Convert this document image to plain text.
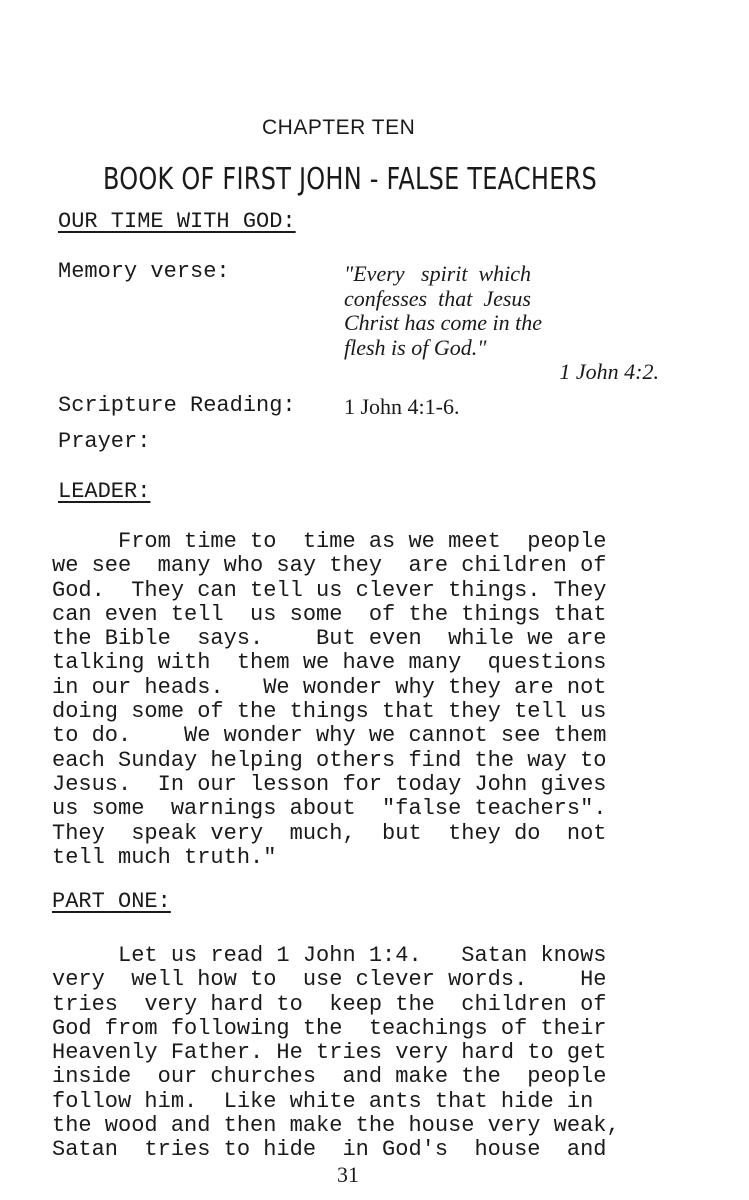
CHAPTER TEN
BOOK OF FIRST JOHN - FALSE TEACHERS
OUR TIME WITH GOD:
Memory verse:	"Every   spirit  which
confesses  that  Jesus
Christ has come in the
flesh is of God."
1 John 4:2.
Scripture Reading: 1 John 4:1-6.
Prayer:
LEADER:
From time to  time as we meet  people
we see  many who say they  are children of
God.  They can tell us clever things. They
can even tell  us some  of the things that
the Bible  says.    But even  while we are
talking with  them we have many  questions
in our heads.   We wonder why they are not
doing some of the things that they tell us
to do.    We wonder why we cannot see them
each Sunday helping others find the way to
Jesus.  In our lesson for today John gives
us some  warnings about  "false teachers".
They  speak very  much,  but  they do  not
tell much truth."
PART ONE:
Let us read 1 John 1:4.   Satan knows
very  well how to  use clever words.    He
tries  very hard to  keep the  children of
God from following the  teachings of their
Heavenly Father. He tries very hard to get
inside  our churches  and make the  people
follow him.  Like white ants that hide in
the wood and then make the house very weak,
Satan  tries to hide  in God's  house  and
31
